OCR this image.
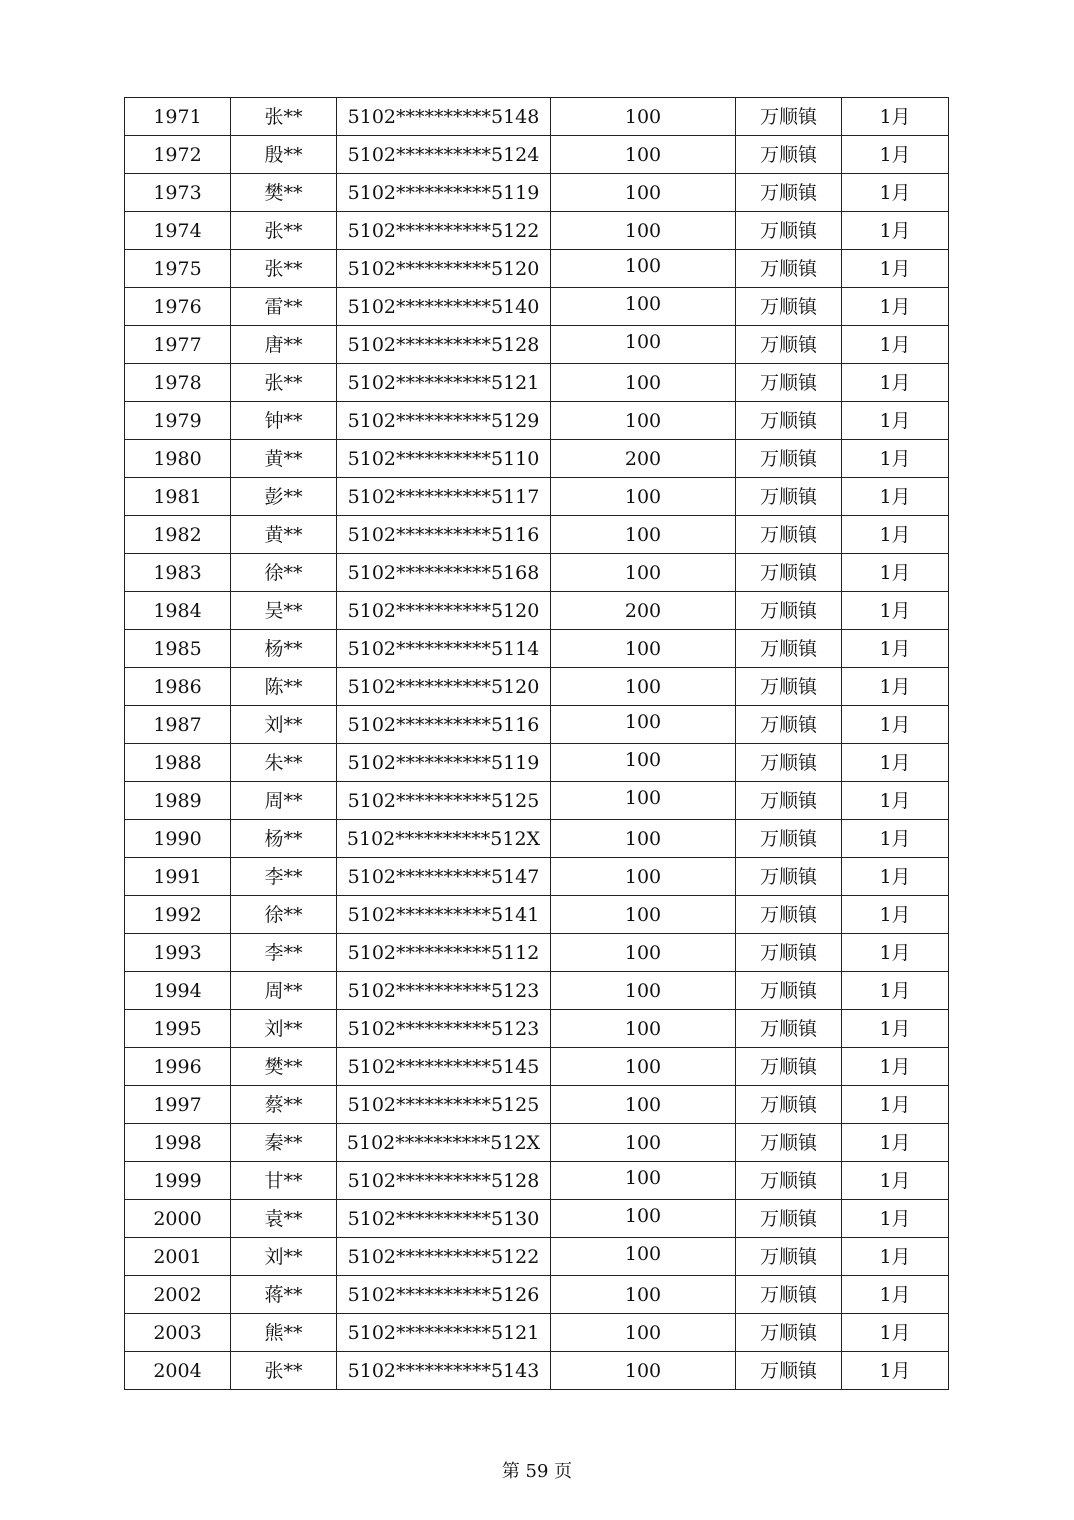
1971	张**	5102**********5148	100	万顺镇	1月
1972	殷**	5102**********5124	100	万顺镇	1月
1973	樊**	5102**********5119	100	万顺镇	1月
1974	张**	5102**********5122	100	万顺镇	1月
1975	张**	5102**********5120	100	万顺镇	1月
1976	雷**	5102**********5140	100	万顺镇	1月
1977	唐**	5102**********5128	100	万顺镇	1月
1978	张**	5102**********5121	100	万顺镇	1月
1979	钟**	5102**********5129	100	万顺镇	1月
1980	黄**	5102**********5110	200	万顺镇	1月
1981	彭**	5102**********5117	100	万顺镇	1月
1982	黄**	5102**********5116	100	万顺镇	1月
1983	徐**	5102**********5168	100	万顺镇	1月
1984	吴**	5102**********5120	200	万顺镇	1月
1985	杨**	5102**********5114	100	万顺镇	1月
1986	陈**	5102**********5120	100	万顺镇	1月
1987	刘**	5102**********5116	100	万顺镇	1月
1988	朱**	5102**********5119	100	万顺镇	1月
1989	周**	5102**********5125	100	万顺镇	1月
1990	杨**	5102**********512X	100	万顺镇	1月
1991	李**	5102**********5147	100	万顺镇	1月
1992	徐**	5102**********5141	100	万顺镇	1月
1993	李**	5102**********5112	100	万顺镇	1月
1994	周**	5102**********5123	100	万顺镇	1月
1995	刘**	5102**********5123	100	万顺镇	1月
1996	樊**	5102**********5145	100	万顺镇	1月
1997	蔡**	5102**********5125	100	万顺镇	1月
1998	秦**	5102**********512X	100	万顺镇	1月
1999	甘**	5102**********5128	100	万顺镇	1月
2000	袁**	5102**********5130	100	万顺镇	1月
2001	刘**	5102**********5122	100	万顺镇	1月
2002	蒋**	5102**********5126	100	万顺镇	1月
2003	熊**	5102**********5121	100	万顺镇	1月
2004	张**	5102**********5143	100	万顺镇	1月
第 59 页
